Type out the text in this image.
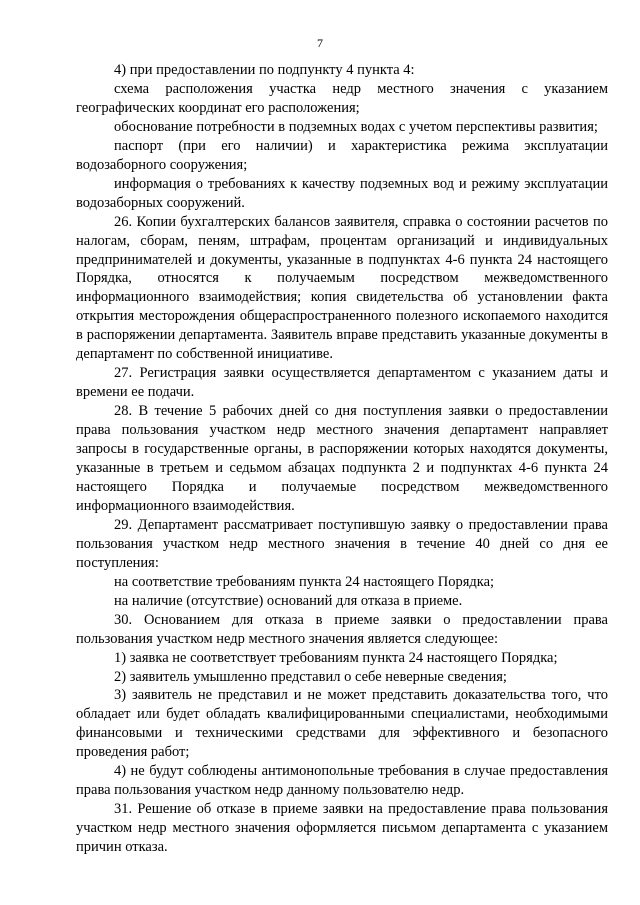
7

4) при предоставлении по подпункту 4 пункта 4:

схема расположения участка недр местного значения с указанием географических координат его расположения;

обоснование потребности в подземных водах с учетом перспективы развития;

паспорт (при его наличии) и характеристика режима эксплуатации водозаборного сооружения;

информация о требованиях к качеству подземных вод и режиму эксплуатации водозаборных сооружений.

26. Копии бухгалтерских балансов заявителя, справка о состоянии расчетов по налогам, сборам, пеням, штрафам, процентам организаций и индивидуальных предпринимателей и документы, указанные в подпунктах 4-6 пункта 24 настоящего Порядка, относятся к получаемым посредством межведомственного информационного взаимодействия; копия свидетельства об установлении факта открытия месторождения общераспространенного полезного ископаемого находится в распоряжении департамента. Заявитель вправе представить указанные документы в департамент по собственной инициативе.

27. Регистрация заявки осуществляется департаментом с указанием даты и времени ее подачи.

28. В течение 5 рабочих дней со дня поступления заявки о предоставлении права пользования участком недр местного значения департамент направляет запросы в государственные органы, в распоряжении которых находятся документы, указанные в третьем и седьмом абзацах подпункта 2 и подпунктах 4-6 пункта 24 настоящего Порядка и получаемые посредством межведомственного информационного взаимодействия.

29. Департамент рассматривает поступившую заявку о предоставлении права пользования участком недр местного значения в течение 40 дней со дня ее поступления:

на соответствие требованиям пункта 24 настоящего Порядка;

на наличие (отсутствие) оснований для отказа в приеме.

30. Основанием для отказа в приеме заявки о предоставлении права пользования участком недр местного значения является следующее:

1) заявка не соответствует требованиям пункта 24 настоящего Порядка;

2) заявитель умышленно представил о себе неверные сведения;

3) заявитель не представил и не может представить доказательства того, что обладает или будет обладать квалифицированными специалистами, необходимыми финансовыми и техническими средствами для эффективного и безопасного проведения работ;

4) не будут соблюдены антимонопольные требования в случае предоставления права пользования участком недр данному пользователю недр.

31. Решение об отказе в приеме заявки на предоставление права пользования участком недр местного значения оформляется письмом департамента с указанием причин отказа.
